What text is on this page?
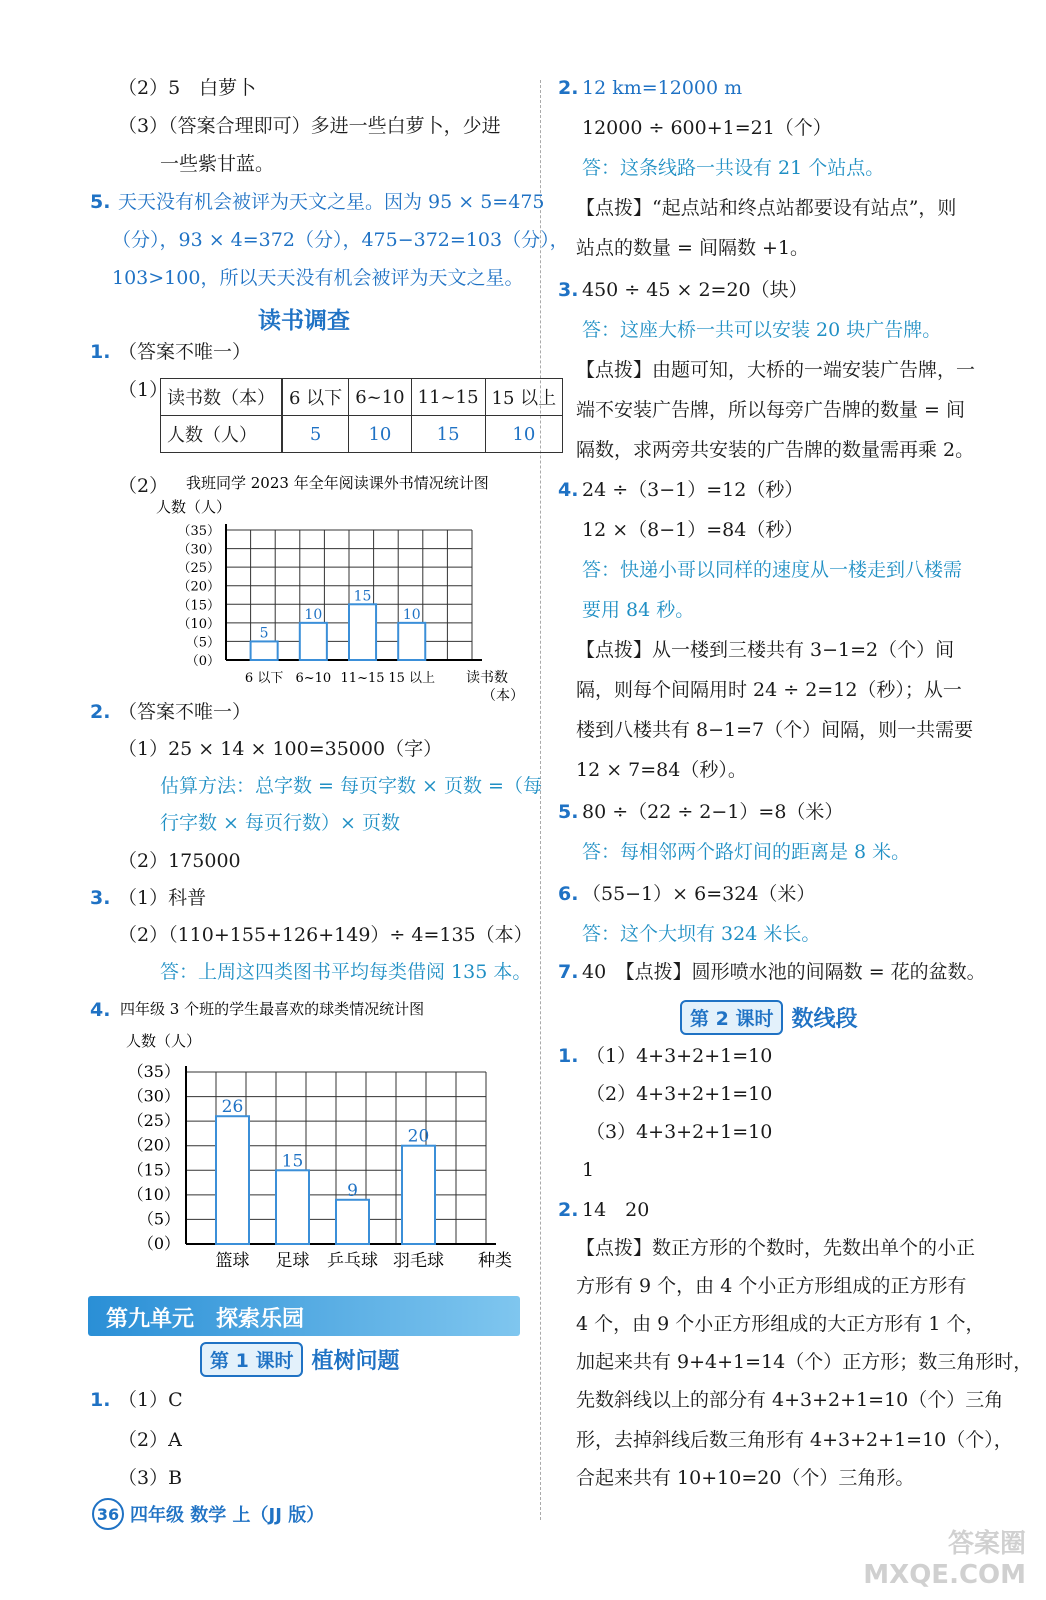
（2）5　白萝卜
（3）（答案合理即可）多进一些白萝卜，少进
一些紫甘蓝。
5. 天天没有机会被评为天文之星。因为 95 × 5=475
（分），93 × 4=372（分），475−372=103（分），
103>100，所以天天没有机会被评为天文之星。
读书调查
1. （答案不唯一）
（1）
读书数（本）	6 以下	6~10	11~15	15 以上
人数（人）	5	10	15	10
（2） 我班同学 2023 年全年阅读课外书情况统计图
人数（人）
（0）
（5）
（10）
（15）
（20）
（25）
（30）
（35）
5
6 以下
10
6~10
15
11~15
10
15 以上 读书数
（本）
2. （答案不唯一）
（1）25 × 14 × 100=35000（字）
估算方法：总字数 = 每页字数 × 页数 =（每
行字数 × 每页行数）× 页数
（2）175000
3. （1）科普
（2）（110+155+126+149）÷ 4=135（本）
答：上周这四类图书平均每类借阅 135 本。
4. 四年级 3 个班的学生最喜欢的球类情况统计图
人数（人）
（0）
（5）
（10）
（15）
（20）
（25）
（30）
（35）
26
篮球
15
足球
9
乒乓球
20
羽毛球 种类
第九单元　探索乐园
第 1 课时 植树问题
1. （1）C
（2）A
（3）B
2. 12 km=12000 m
12000 ÷ 600+1=21（个）
答：这条线路一共设有 21 个站点。
【点拨】“起点站和终点站都要设有站点”，则
站点的数量 = 间隔数 +1。
3. 450 ÷ 45 × 2=20（块）
答：这座大桥一共可以安装 20 块广告牌。
【点拨】由题可知，大桥的一端安装广告牌，一
端不安装广告牌，所以每旁广告牌的数量 = 间
隔数，求两旁共安装的广告牌的数量需再乘 2。
4. 24 ÷（3−1）=12（秒）
12 ×（8−1）=84（秒）
答：快递小哥以同样的速度从一楼走到八楼需
要用 84 秒。
【点拨】从一楼到三楼共有 3−1=2（个）间
隔，则每个间隔用时 24 ÷ 2=12（秒）；从一
楼到八楼共有 8−1=7（个）间隔，则一共需要
12 × 7=84（秒）。
5. 80 ÷（22 ÷ 2−1）=8（米）
答：每相邻两个路灯间的距离是 8 米。
6. （55−1）× 6=324（米）
答：这个大坝有 324 米长。
7. 40　【点拨】圆形喷水池的间隔数 = 花的盆数。
第 2 课时 数线段
1. （1）4+3+2+1=10
（2）4+3+2+1=10
（3）4+3+2+1=10
1
2. 14　20
【点拨】数正方形的个数时，先数出单个的小正
方形有 9 个，由 4 个小正方形组成的正方形有
4 个，由 9 个小正方形组成的大正方形有 1 个，
加起来共有 9+4+1=14（个）正方形；数三角形时，
先数斜线以上的部分有 4+3+2+1=10（个）三角
形，去掉斜线后数三角形有 4+3+2+1=10（个），
合起来共有 10+10=20（个）三角形。
36 四年级 数学 上（JJ 版）
答案圈
MXQE.COM
